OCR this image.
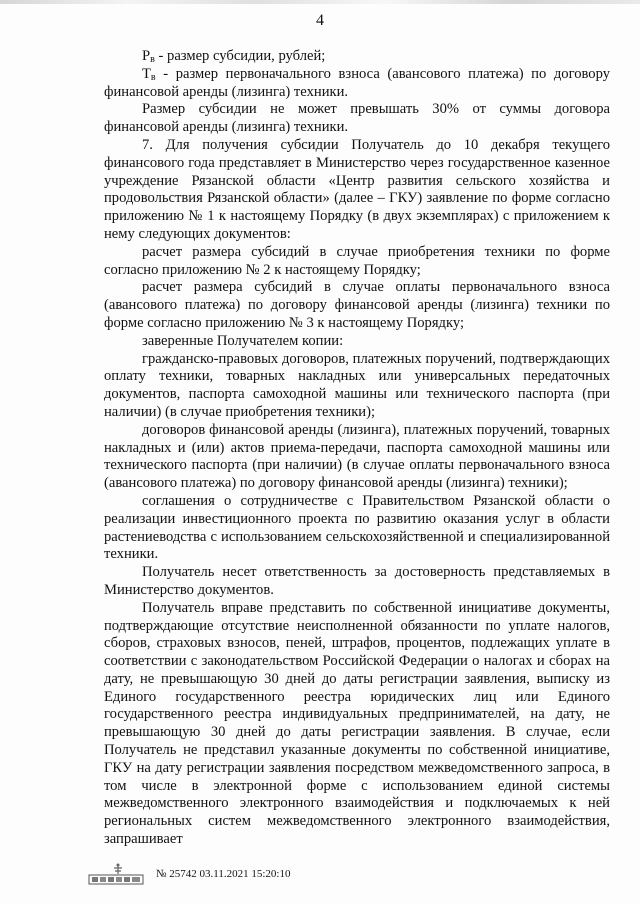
4

$Р_в$ - размер субсидии, рублей;

$Т_в$ - размер первоначального взноса (авансового платежа) по договору финансовой аренды (лизинга) техники.

Размер субсидии не может превышать 30% от суммы договора финансовой аренды (лизинга) техники.

7. Для получения субсидии Получатель до 10 декабря текущего финансового года представляет в Министерство через государственное казенное учреждение Рязанской области «Центр развития сельского хозяйства и продовольствия Рязанской области» (далее – ГКУ) заявление по форме согласно приложению № 1 к настоящему Порядку (в двух экземплярах) с приложением к нему следующих документов:

расчет размера субсидий в случае приобретения техники по форме согласно приложению № 2 к настоящему Порядку;

расчет размера субсидий в случае оплаты первоначального взноса (авансового платежа) по договору финансовой аренды (лизинга) техники по форме согласно приложению № 3 к настоящему Порядку;

заверенные Получателем копии:

гражданско-правовых договоров, платежных поручений, подтверждающих оплату техники, товарных накладных или универсальных передаточных документов, паспорта самоходной машины или технического паспорта (при наличии) (в случае приобретения техники);

договоров финансовой аренды (лизинга), платежных поручений, товарных накладных и (или) актов приема-передачи, паспорта самоходной машины или технического паспорта (при наличии) (в случае оплаты первоначального взноса (авансового платежа) по договору финансовой аренды (лизинга) техники);

соглашения о сотрудничестве с Правительством Рязанской области о реализации инвестиционного проекта по развитию оказания услуг в области растениеводства с использованием сельскохозяйственной и специализированной техники.

Получатель несет ответственность за достоверность представляемых в Министерство документов.

Получатель вправе представить по собственной инициативе документы, подтверждающие отсутствие неисполненной обязанности по уплате налогов, сборов, страховых взносов, пеней, штрафов, процентов, подлежащих уплате в соответствии с законодательством Российской Федерации о налогах и сборах на дату, не превышающую 30 дней до даты регистрации заявления, выписку из Единого государственного реестра юридических лиц или Единого государственного реестра индивидуальных предпринимателей, на дату, не превышающую 30 дней до даты регистрации заявления. В случае, если Получатель не представил указанные документы по собственной инициативе, ГКУ на дату регистрации заявления посредством межведомственного запроса, в том числе в электронной форме с использованием единой системы межведомственного электронного взаимодействия и подключаемых к ней региональных систем межведомственного электронного взаимодействия, запрашивает

№ 25742 03.11.2021 15:20:10
